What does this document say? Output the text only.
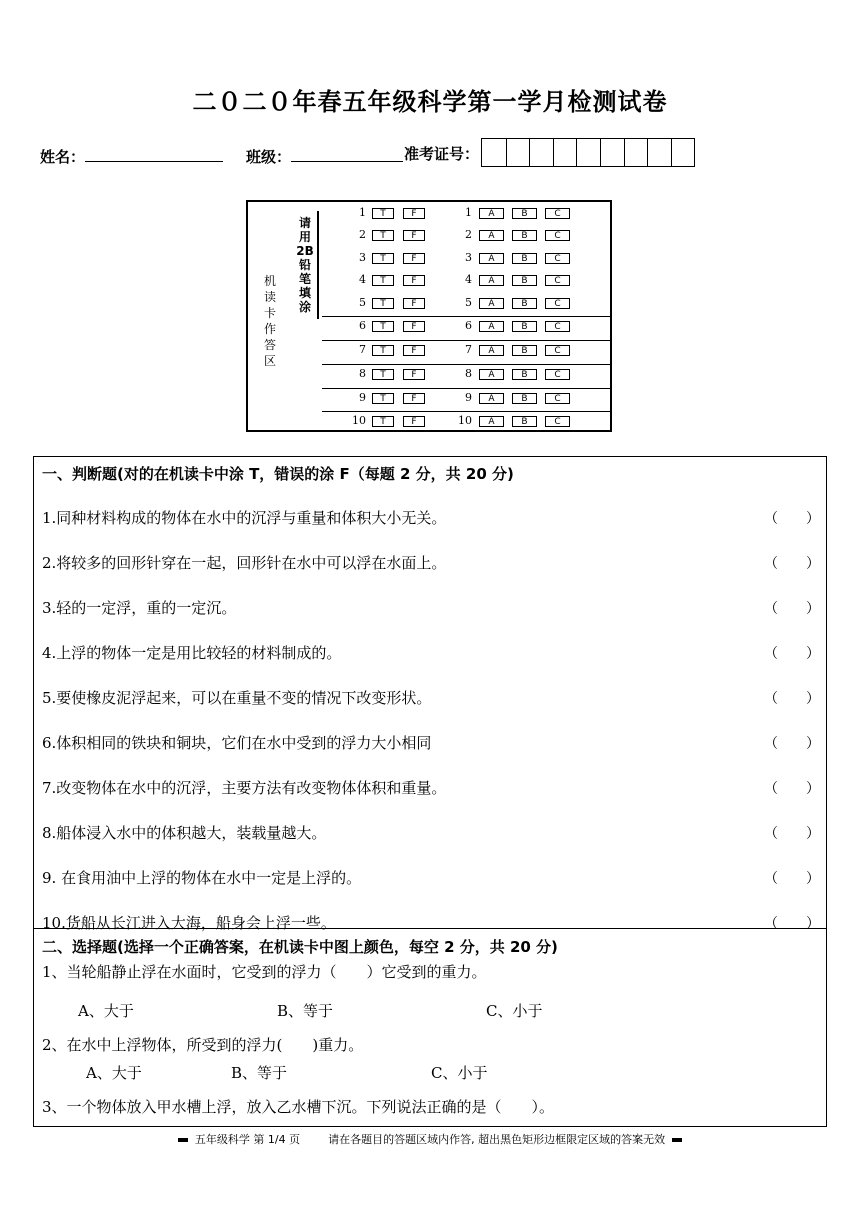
二０二０年春五年级科学第一学月检测试卷
姓名：	班级：	准考证号：
机
读
卡
作
答
区
请
用
2B
铅
笔
填
涂
1	T	F	1	A	B	C
2	T	F	2	A	B	C
3	T	F	3	A	B	C
4	T	F	4	A	B	C
5	T	F	5	A	B	C
6	T	F	6	A	B	C
7	T	F	7	A	B	C
8	T	F	8	A	B	C
9	T	F	9	A	B	C
10	T	F	10	A	B	C
一、判断题(对的在机读卡中涂 T，错误的涂 F（每题 2 分，共 20 分)
1.同种材料构成的物体在水中的沉浮与重量和体积大小无关。	（　　）
2.将较多的回形针穿在一起，回形针在水中可以浮在水面上。	（　　）
3.轻的一定浮，重的一定沉。	（　　）
4.上浮的物体一定是用比较轻的材料制成的。	（　　）
5.要使橡皮泥浮起来，可以在重量不变的情况下改变形状。	（　　）
6.体积相同的铁块和铜块，它们在水中受到的浮力大小相同	（　　）
7.改变物体在水中的沉浮，主要方法有改变物体体积和重量。	（　　）
8.船体浸入水中的体积越大，装载量越大。	（　　）
9. 在食用油中上浮的物体在水中一定是上浮的。	（　　）
10.货船从长江进入大海，船身会上浮一些。	（　　）
二、选择题(选择一个正确答案，在机读卡中图上颜色，每空 2 分，共 20 分)
1、当轮船静止浮在水面时，它受到的浮力（　　）它受到的重力。
A、大于	B、等于	C、小于
2、在水中上浮物体，所受到的浮力(　　)重力。
A、大于	B、等于	C、小于
3、一个物体放入甲水槽上浮，放入乙水槽下沉。下列说法正确的是（　　）。
五年级科学 第 1/4 页	请在各题目的答题区域内作答, 超出黑色矩形边框限定区域的答案无效
